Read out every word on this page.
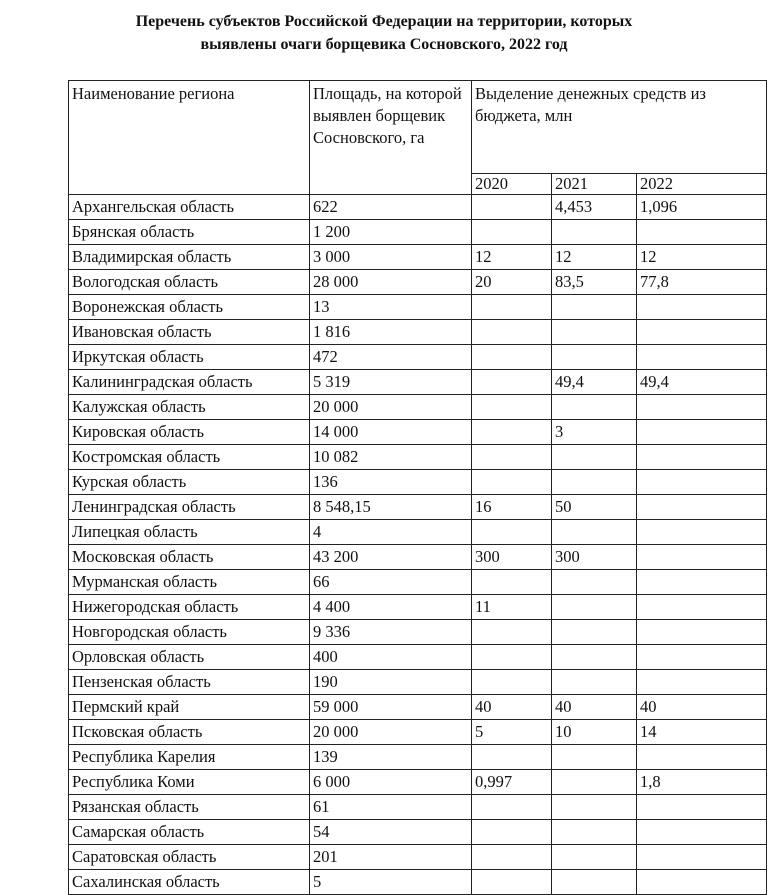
Перечень субъектов Российской Федерации на территории, которых
выявлены очаги борщевика Сосновского, 2022 год
Наименование региона	Площадь, на которой выявлен борщевик Сосновского, га	Выделение денежных средств из бюджета, млн		
		2020	2021	2022
Архангельская область	622		4,453	1,096
Брянская область	1 200			
Владимирская область	3 000	12	12	12
Вологодская область	28 000	20	83,5	77,8
Воронежская область	13			
Ивановская область	1 816			
Иркутская область	472			
Калининградская область	5 319		49,4	49,4
Калужская область	20 000			
Кировская область	14 000		3	
Костромская область	10 082			
Курская область	136			
Ленинградская область	8 548,15	16	50	
Липецкая область	4			
Московская область	43 200	300	300	
Мурманская область	66			
Нижегородская область	4 400	11		
Новгородская область	9 336			
Орловская область	400			
Пензенская область	190			
Пермский край	59 000	40	40	40
Псковская область	20 000	5	10	14
Республика Карелия	139			
Республика Коми	6 000	0,997		1,8
Рязанская область	61			
Самарская область	54			
Саратовская область	201			
Сахалинская область	5			
